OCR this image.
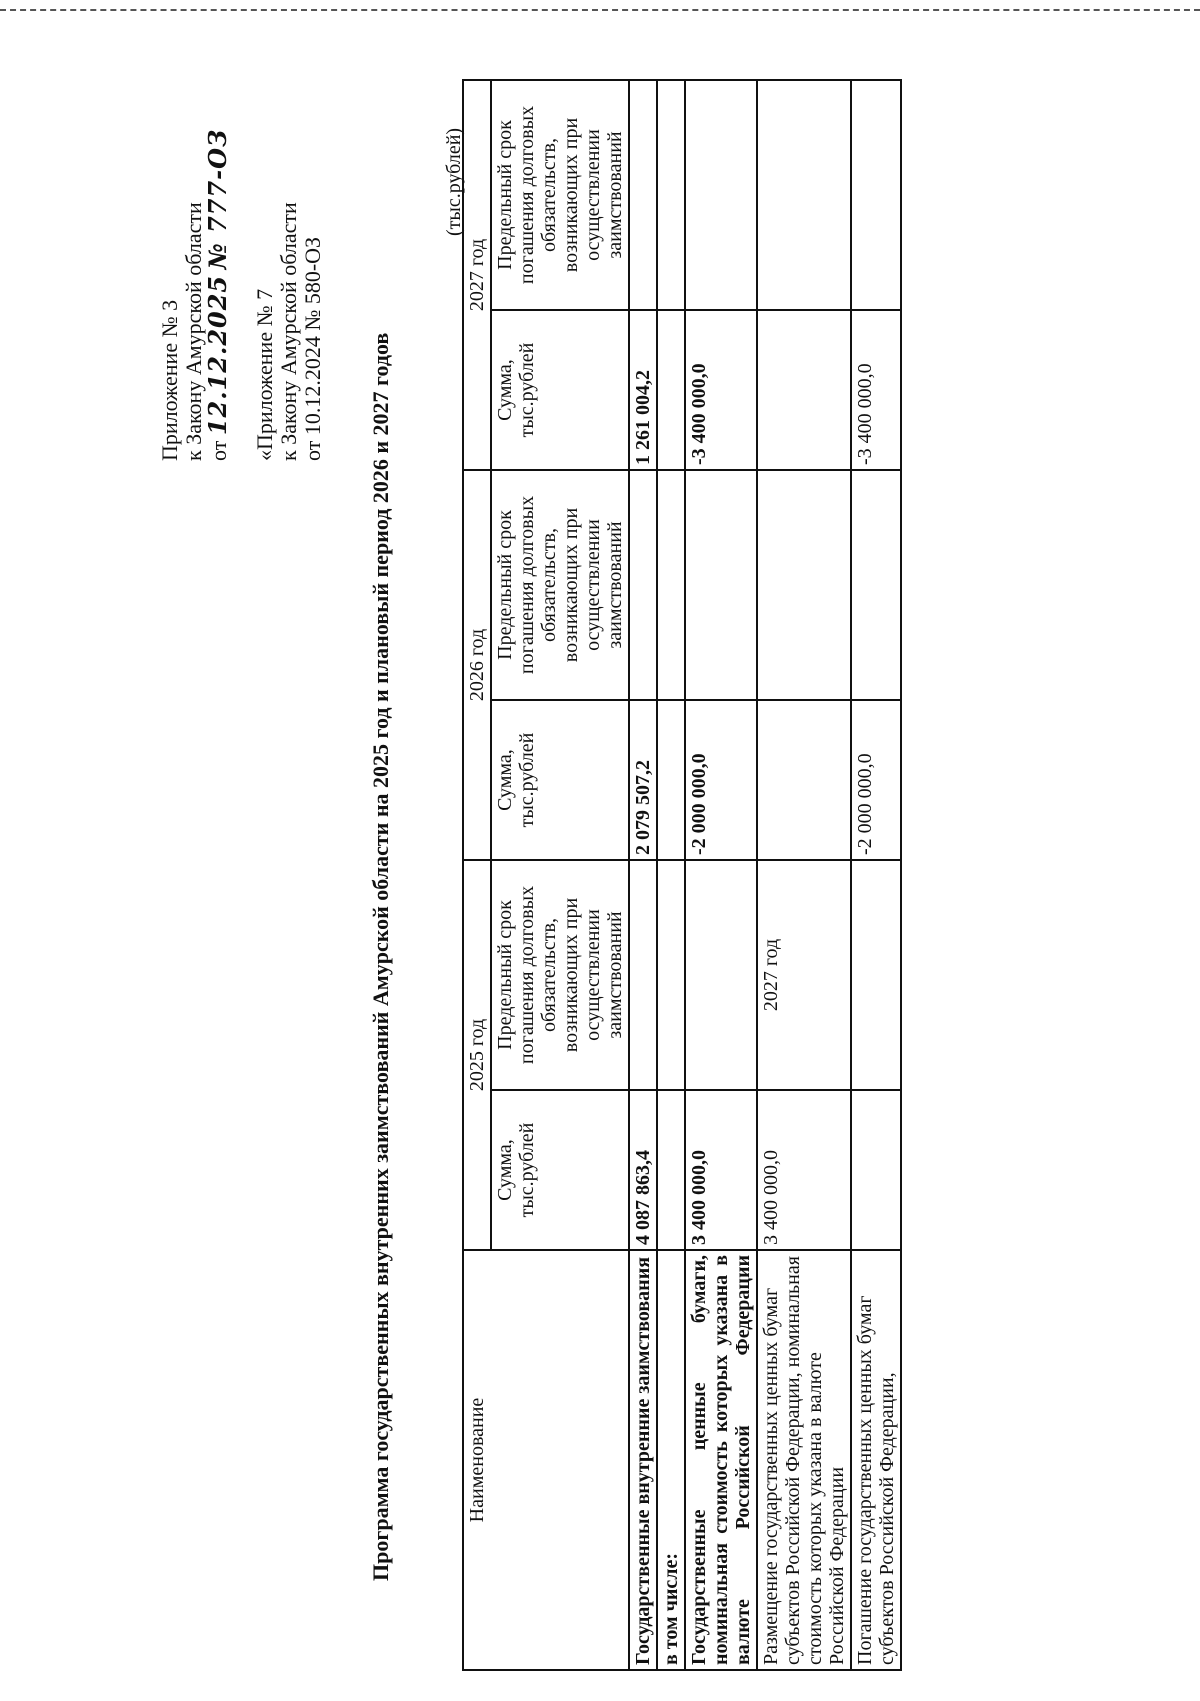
Приложение № 3 к Закону Амурской области от 12.12.2025 № 777-ОЗ
«Приложение № 7 к Закону Амурской области от 10.12.2024 № 580-ОЗ Программа государственных внутренних заимствований Амурской области на 2025 год и плановый период 2026 и 2027 годов
(тыс.рублей)
Наименование	2025 год		2026 год		2027 год	
	Сумма, тыс.рублей	Предельный срок погашения долговых обязательств, возникающих при осуществлении заимствований	Сумма, тыс.рублей	Предельный срок погашения долговых обязательств, возникающих при осуществлении заимствований	Сумма, тыс.рублей	Предельный срок погашения долговых обязательств, возникающих при осуществлении заимствований
Государственные внутренние заимствования	4 087 863,4		2 079 507,2		1 261 004,2	
в том числе:						
Государственные ценные бумаги, номинальная стоимость которых указана в валюте Российской Федерации	3 400 000,0		-2 000 000,0		-3 400 000,0	
Размещение государственных ценных бумаг субъектов Российской Федерации, номинальная стоимость которых указана в валюте Российской Федерации	3 400 000,0	2027 год				
Погашение государственных ценных бумаг субъектов Российской Федерации,			-2 000 000,0		-3 400 000,0	
